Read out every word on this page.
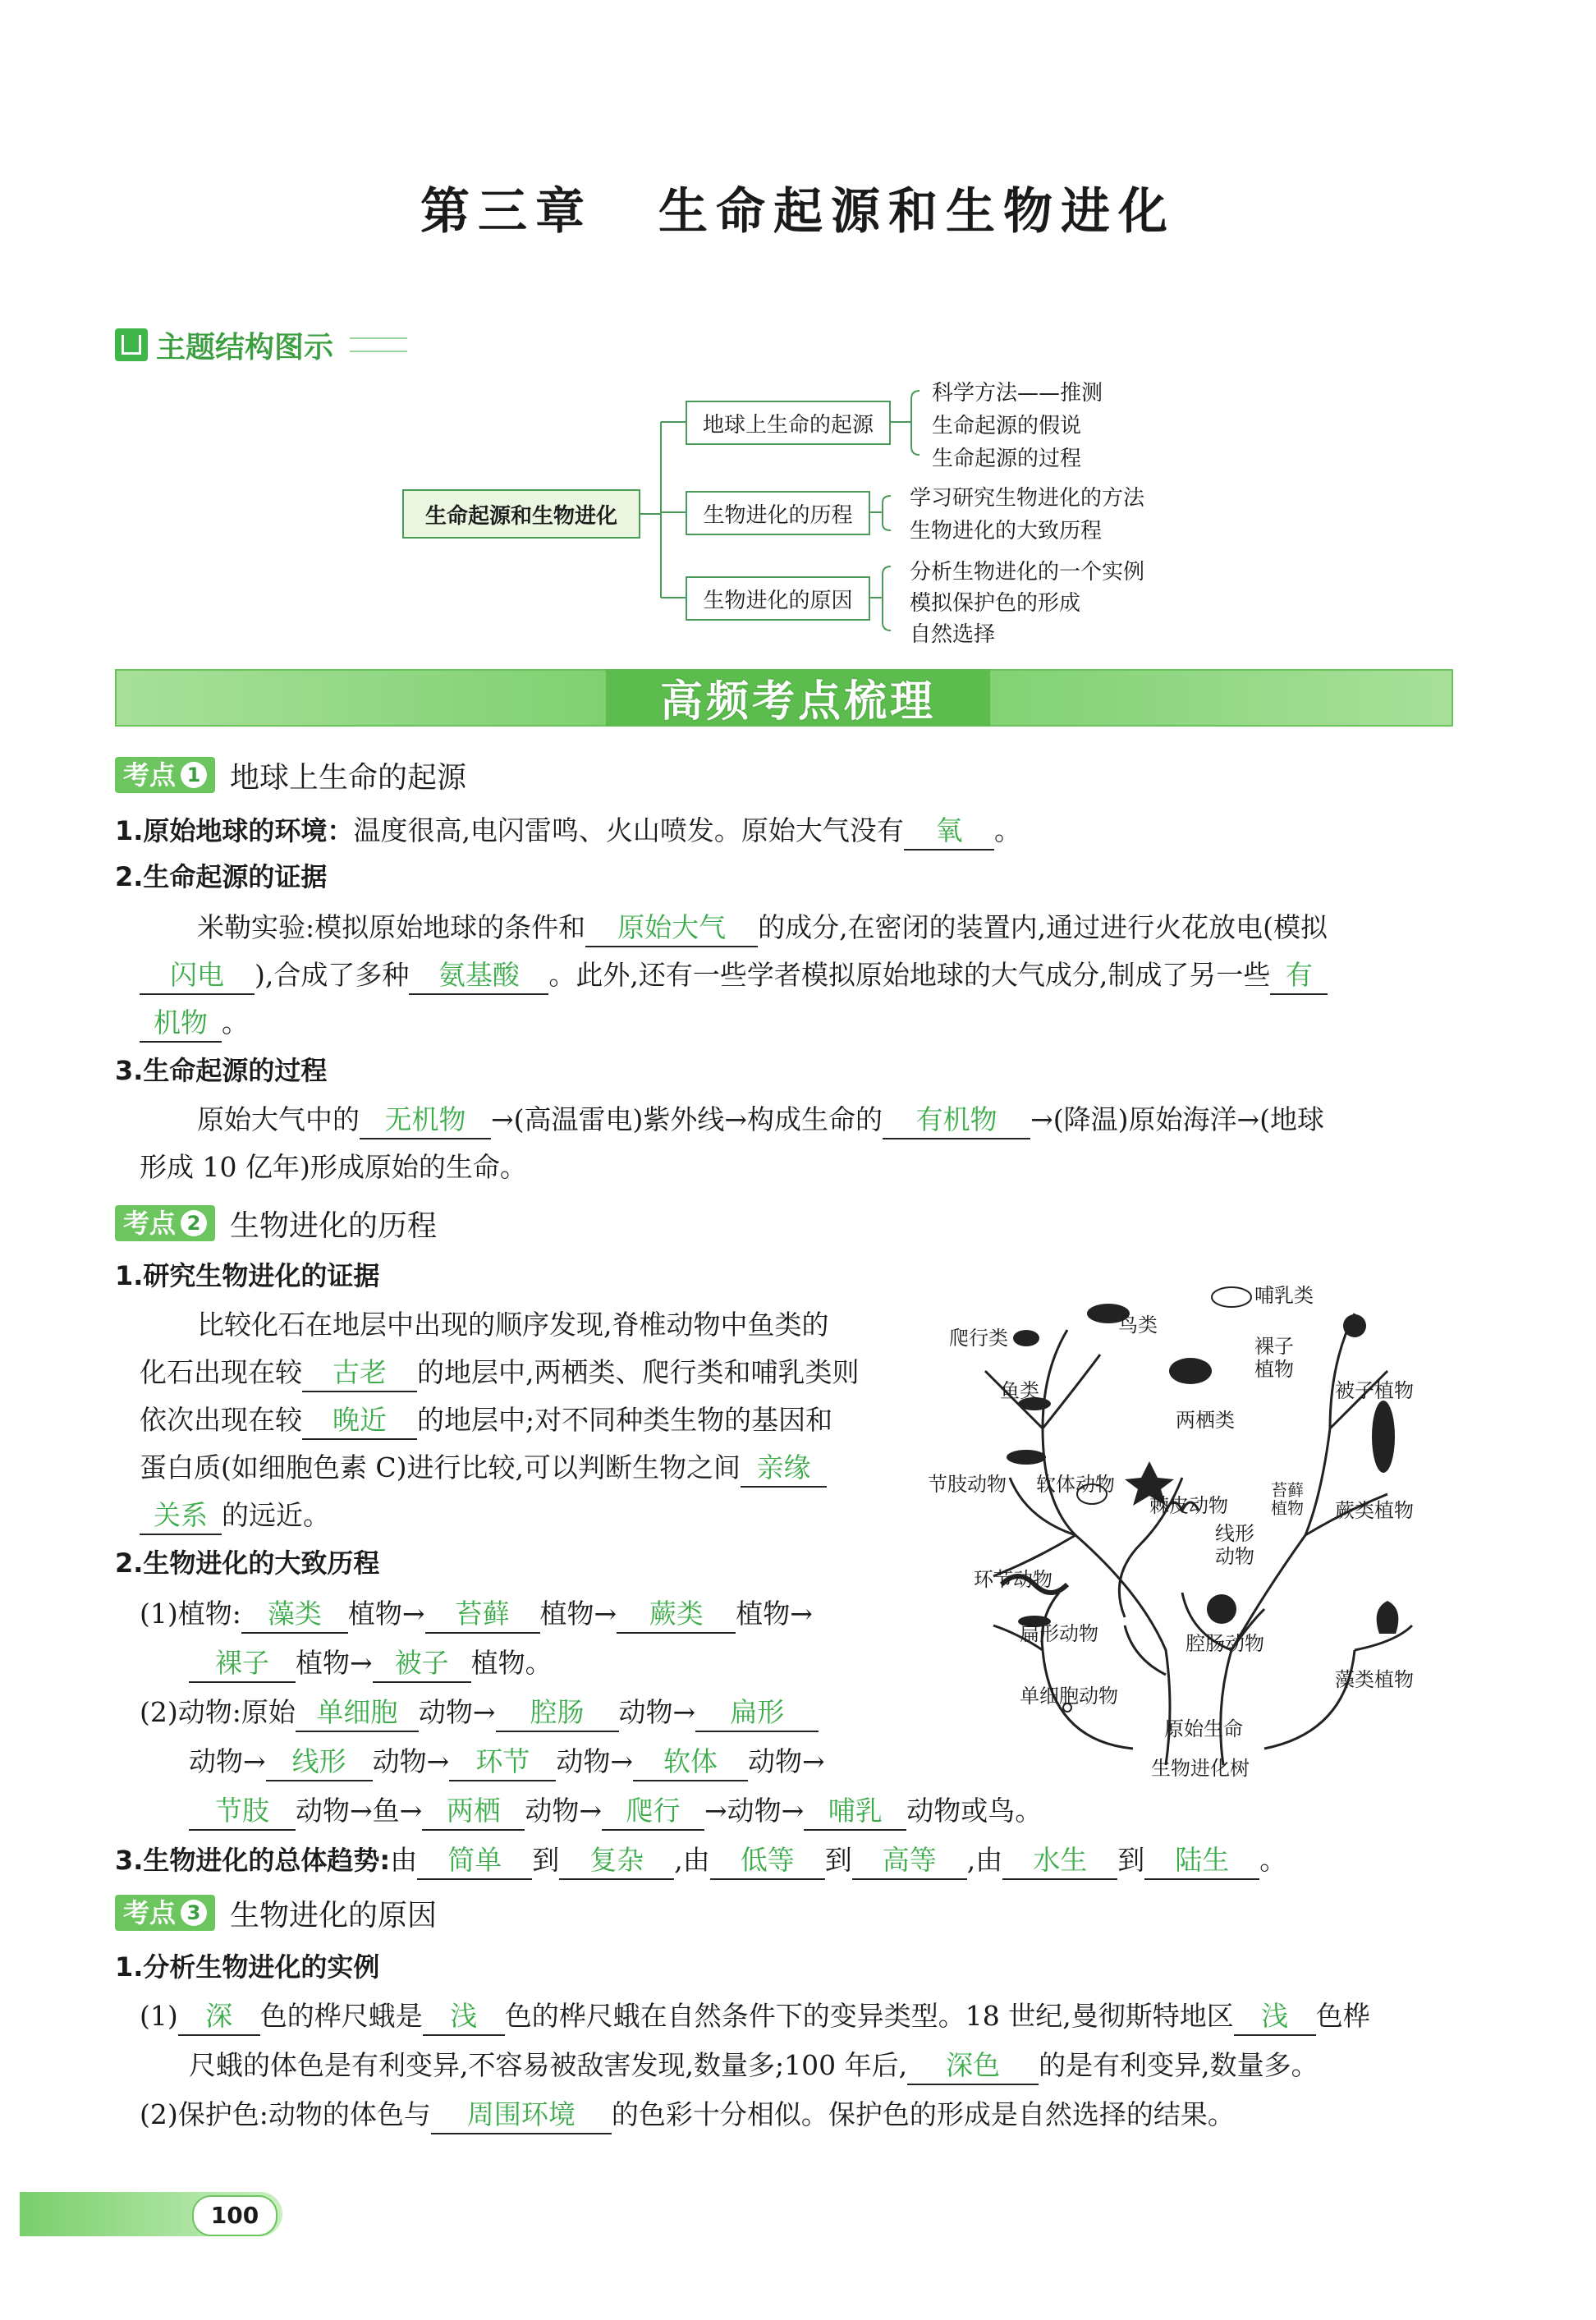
第三章 生命起源和生物进化
主题结构图示
生命起源和生物进化
地球上生命的起源
生物进化的历程
生物进化的原因
科学方法——推测
生命起源的假说
生命起源的过程
学习研究生物进化的方法
生物进化的大致历程
分析生物进化的一个实例
模拟保护色的形成
自然选择
高频考点梳理
考点 1 地球上生命的起源
1.原始地球的环境：温度很高,电闪雷鸣、火山喷发。原始大气没有 氧 。
2.生命起源的证据
米勒实验:模拟原始地球的条件和 原始大气 的成分,在密闭的装置内,通过进行火花放电(模拟
闪电 ),合成了多种 氨基酸 。此外,还有一些学者模拟原始地球的大气成分,制成了另一些 有
机物 。
3.生命起源的过程
原始大气中的 无机物 →(高温雷电)紫外线→构成生命的 有机物 →(降温)原始海洋→(地球
形成 10 亿年)形成原始的生命。
考点 2 生物进化的历程
1.研究生物进化的证据
比较化石在地层中出现的顺序发现,脊椎动物中鱼类的
化石出现在较 古老 的地层中,两栖类、爬行类和哺乳类则
依次出现在较 晚近 的地层中;对不同种类生物的基因和
蛋白质(如细胞色素 C)进行比较,可以判断生物之间 亲缘
关系 的远近。
2.生物进化的大致历程
(1)植物: 藻类 植物→ 苔藓 植物→ 蕨类 植物→
裸子 植物→ 被子 植物。
(2)动物:原始 单细胞 动物→ 腔肠 动物→ 扁形
动物→ 线形 动物→ 环节 动物→ 软体 动物→
节肢 动物→鱼→ 两栖 动物→ 爬行 →动物→ 哺乳 动物或鸟。
3.生物进化的总体趋势:由 简单 到 复杂 ,由 低等 到 高等 ,由 水生 到 陆生 。
哺乳类
爬行类
鸟类
裸子植物
鱼类	被子植物
两栖类
节肢动物 软体动物
蕨类植物
棘皮动物
苔藓植物
线形动物
环节动物
扁形动物	腔肠动物
单细胞动物
藻类植物
原始生命
生物进化树
考点 3 生物进化的原因
1.分析生物进化的实例
(1) 深 色的桦尺蛾是 浅 色的桦尺蛾在自然条件下的变异类型。18 世纪,曼彻斯特地区 浅 色桦
尺蛾的体色是有利变异,不容易被敌害发现,数量多;100 年后, 深色 的是有利变异,数量多。
(2)保护色:动物的体色与 周围环境 的色彩十分相似。保护色的形成是自然选择的结果。
100
